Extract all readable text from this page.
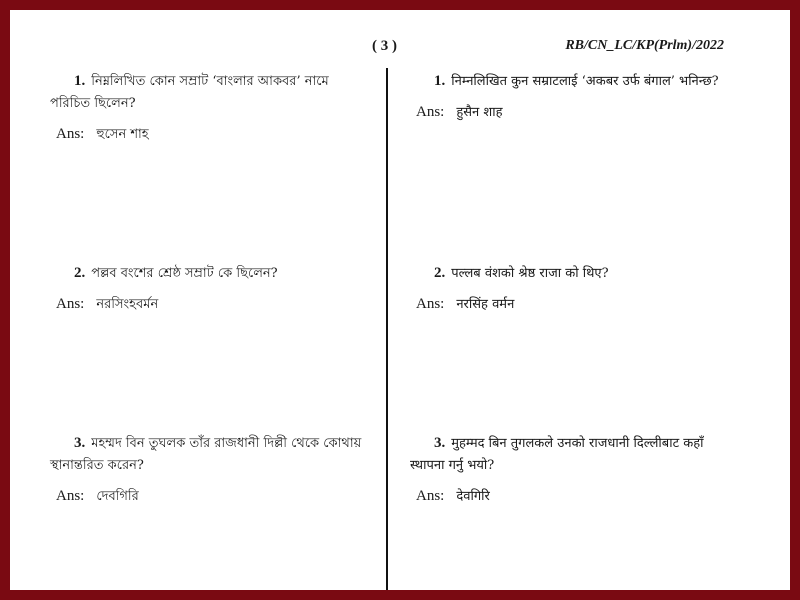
( 3 )	RB/CN_LC/KP(Prlm)/2022
1. নিম্নলিখিত কোন সম্রাট ‘বাংলার আকবর’ নামে পরিচিত ছিলেন?
Ans: হুসেন শাহ
2. পল্লব বংশের শ্রেষ্ঠ সম্রাট কে ছিলেন?
Ans: নরসিংহবর্মন
3. মহম্মদ বিন তুঘলক তাঁর রাজধানী দিল্লী থেকে কোথায় স্থানান্তরিত করেন?
Ans: দেবগিরি
1. निम्नलिखित कुन सम्राटलाई ‘अकबर उर्फ बंगाल’ भनिन्छ?
Ans: हुसैन शाह
2. पल्लब वंशको श्रेष्ठ राजा को थिए?
Ans: नरसिंह वर्मन
3. मुहम्मद बिन तुगलकले उनको राजधानी दिल्लीबाट कहाँ स्थापना गर्नु भयो?
Ans: देवगिरि
